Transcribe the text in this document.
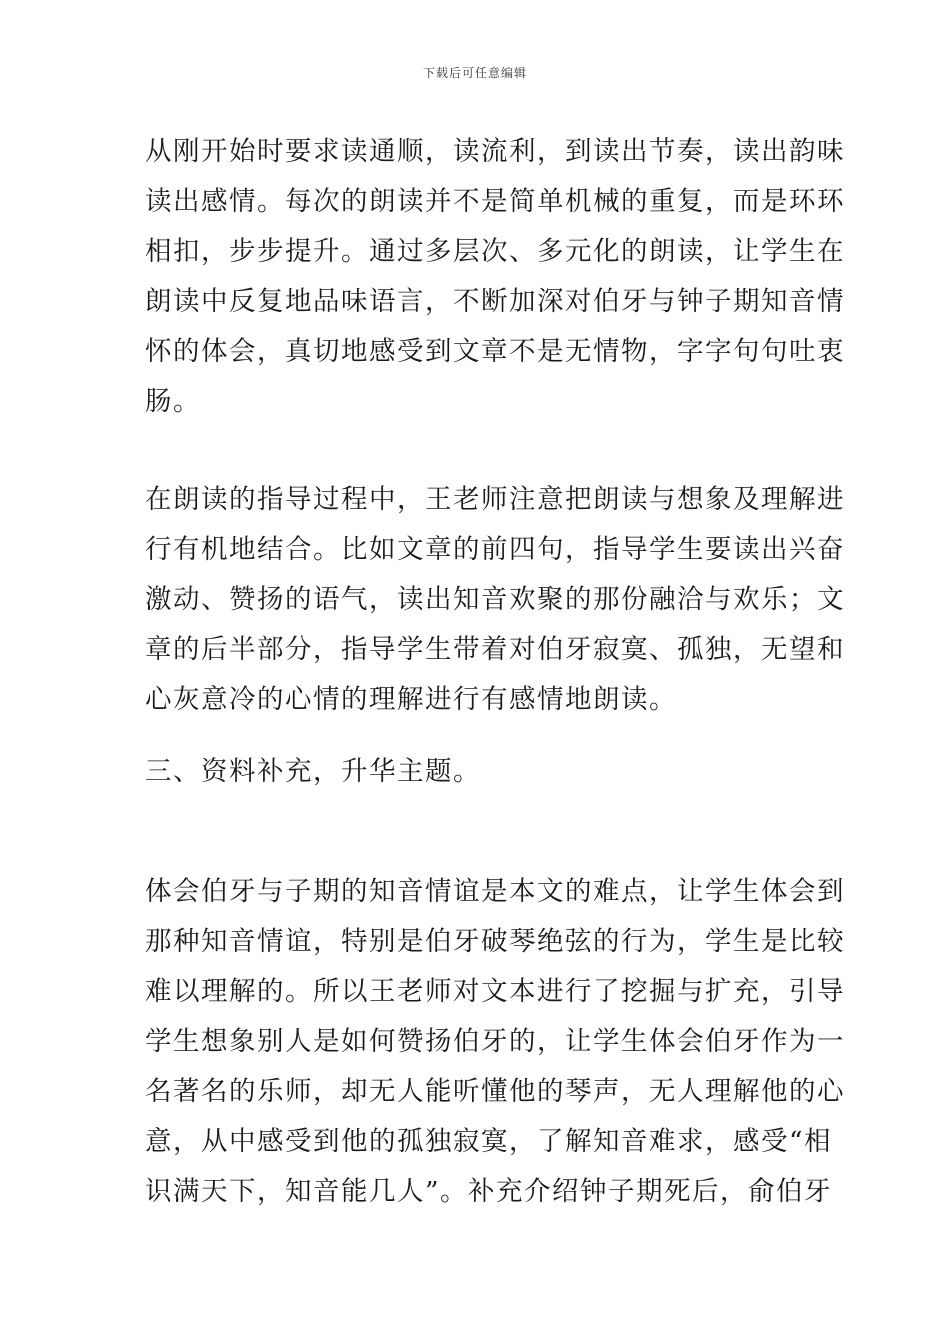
下载后可任意编辑
从刚开始时要求读通顺，读流利，到读出节奏，读出韵味
读出感情。每次的朗读并不是简单机械的重复，而是环环
相扣，步步提升。通过多层次、多元化的朗读，让学生在
朗读中反复地品味语言，不断加深对伯牙与钟子期知音情
怀的体会，真切地感受到文章不是无情物，字字句句吐衷
肠。
在朗读的指导过程中，王老师注意把朗读与想象及理解进
行有机地结合。比如文章的前四句，指导学生要读出兴奋
激动、赞扬的语气，读出知音欢聚的那份融洽与欢乐；文
章的后半部分，指导学生带着对伯牙寂寞、孤独，无望和
心灰意冷的心情的理解进行有感情地朗读。
三、资料补充，升华主题。
体会伯牙与子期的知音情谊是本文的难点，让学生体会到
那种知音情谊，特别是伯牙破琴绝弦的行为，学生是比较
难以理解的。所以王老师对文本进行了挖掘与扩充，引导
学生想象别人是如何赞扬伯牙的，让学生体会伯牙作为一
名著名的乐师，却无人能听懂他的琴声，无人理解他的心
意，从中感受到他的孤独寂寞，了解知音难求，感受“相
识满天下，知音能几人”。补充介绍钟子期死后，俞伯牙
